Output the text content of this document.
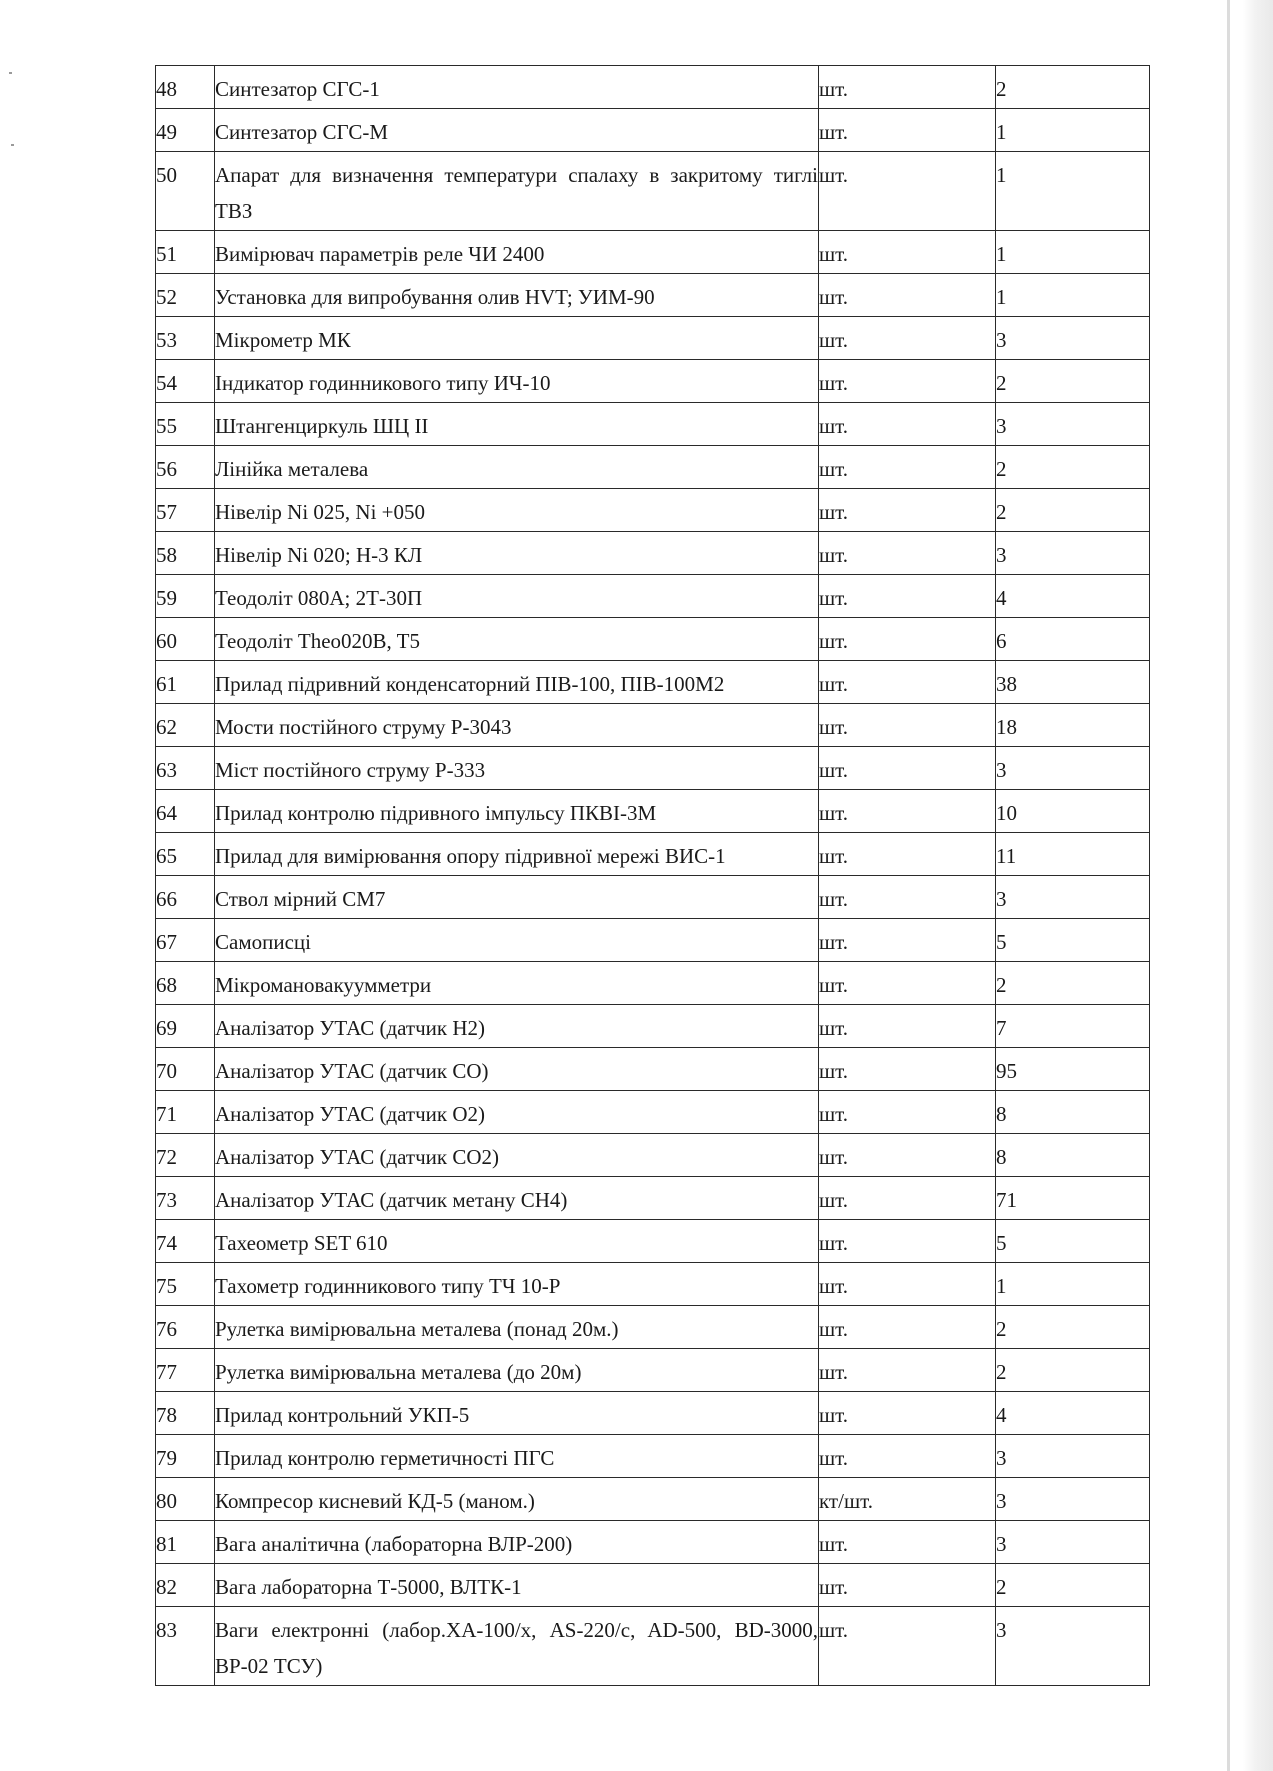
48	Синтезатор СГС-1	шт.	2
49	Синтезатор СГС-М	шт.	1
50	Апарат для визначення температури спалаху в закритому тиглі ТВЗ	шт.	1
51	Вимірювач параметрів реле ЧИ 2400	шт.	1
52	Установка для випробування олив HVT; УИМ-90	шт.	1
53	Мікрометр МК	шт.	3
54	Індикатор годинникового типу ИЧ-10	шт.	2
55	Штангенциркуль ШЦ ІІ	шт.	3
56	Лінійка металева	шт.	2
57	Нівелір Ni 025, Ni +050	шт.	2
58	Нівелір Ni 020; Н-3 КЛ	шт.	3
59	Теодоліт 080А; 2Т-30П	шт.	4
60	Теодоліт Theo020B, T5	шт.	6
61	Прилад підривний конденсаторний ПІВ-100, ПІВ-100М2	шт.	38
62	Мости постійного струму Р-3043	шт.	18
63	Міст постійного струму Р-333	шт.	3
64	Прилад контролю підривного імпульсу ПКВІ-3М	шт.	10
65	Прилад для вимірювання опору підривної мережі ВИС-1	шт.	11
66	Ствол мірний СМ7	шт.	3
67	Самописці	шт.	5
68	Мікромановакуумметри	шт.	2
69	Аналізатор УТАС (датчик Н2)	шт.	7
70	Аналізатор УТАС (датчик СО)	шт.	95
71	Аналізатор УТАС (датчик О2)	шт.	8
72	Аналізатор УТАС (датчик СО2)	шт.	8
73	Аналізатор УТАС (датчик метану СН4)	шт.	71
74	Тахеометр SET 610	шт.	5
75	Тахометр годинникового типу ТЧ 10-Р	шт.	1
76	Рулетка вимірювальна металева (понад 20м.)	шт.	2
77	Рулетка вимірювальна металева (до 20м)	шт.	2
78	Прилад контрольний УКП-5	шт.	4
79	Прилад контролю герметичності ПГС	шт.	3
80	Компресор кисневий КД-5 (маном.)	кт/шт.	3
81	Вага аналітична (лабораторна ВЛР-200)	шт.	3
82	Вага лабораторна Т-5000, ВЛТК-1	шт.	2
83	Ваги електронні (лабор.ХА-100/х, AS-220/c, AD-500, BD-3000, ВР-02 ТСУ)	шт.	3
